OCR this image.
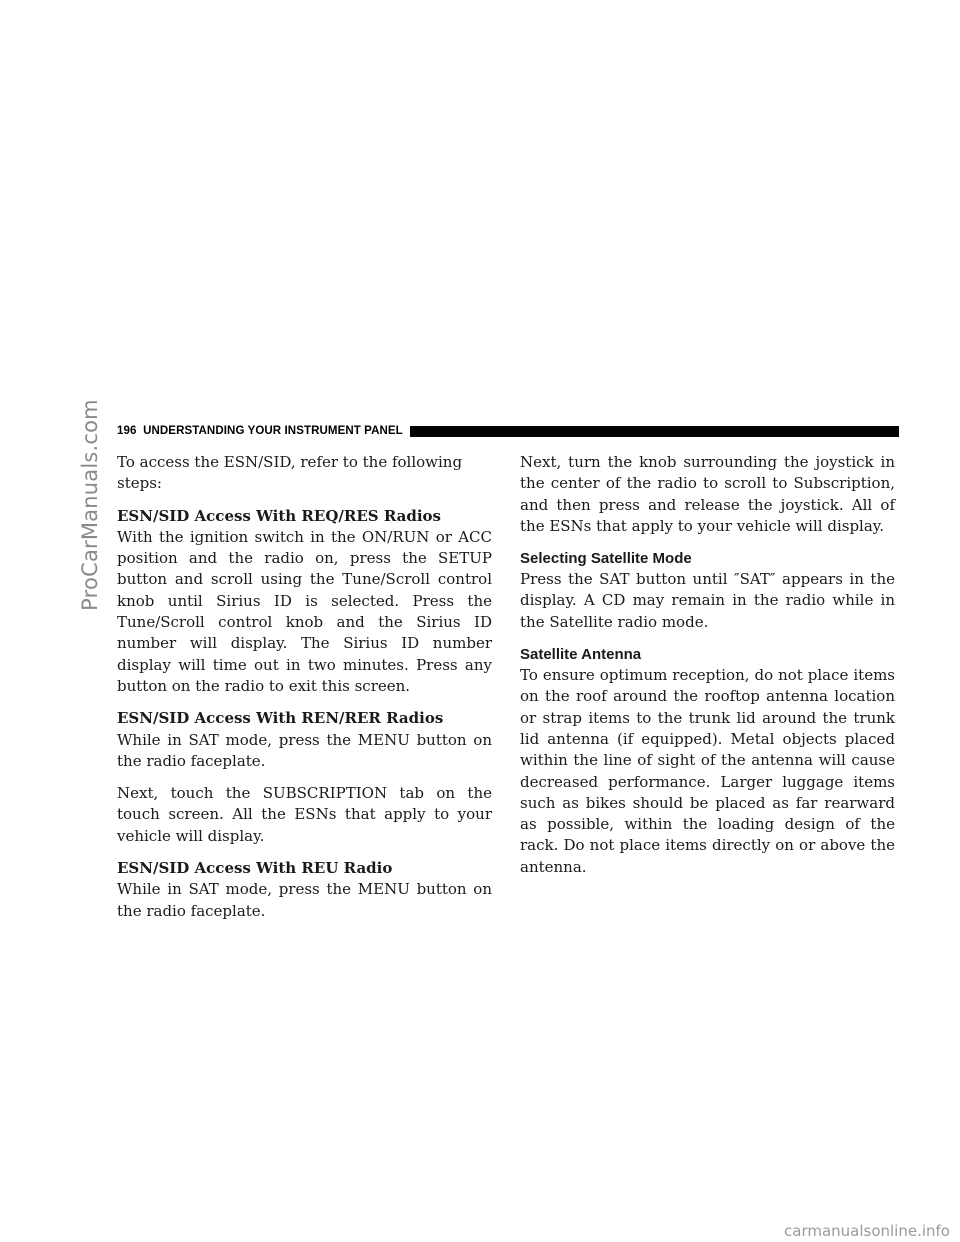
ProCarManuals.com 196 UNDERSTANDING YOUR INSTRUMENT PANEL

To access the ESN/SID, refer to the following steps:

ESN/SID Access With REQ/RES Radios

With the ignition switch in the ON/RUN or ACC position and the radio on, press the SETUP button and scroll using the Tune/Scroll control knob until Sirius ID is selected. Press the Tune/Scroll control knob and the Sirius ID number will display. The Sirius ID number display will time out in two minutes. Press any button on the radio to exit this screen.

ESN/SID Access With REN/RER Radios

While in SAT mode, press the MENU button on the radio faceplate.

Next, touch the SUBSCRIPTION tab on the touch screen. All the ESNs that apply to your vehicle will display.

ESN/SID Access With REU Radio

While in SAT mode, press the MENU button on the radio faceplate.

Next, turn the knob surrounding the joystick in the center of the radio to scroll to Subscription, and then press and release the joystick. All of the ESNs that apply to your vehicle will display.

Selecting Satellite Mode

Press the SAT button until ″SAT″ appears in the display. A CD may remain in the radio while in the Satellite radio mode.

Satellite Antenna

To ensure optimum reception, do not place items on the roof around the rooftop antenna location or strap items to the trunk lid around the trunk lid antenna (if equipped). Metal objects placed within the line of sight of the antenna will cause decreased performance. Larger luggage items such as bikes should be placed as far rearward as possible, within the loading design of the rack. Do not place items directly on or above the antenna.

carmanualsonline.info
